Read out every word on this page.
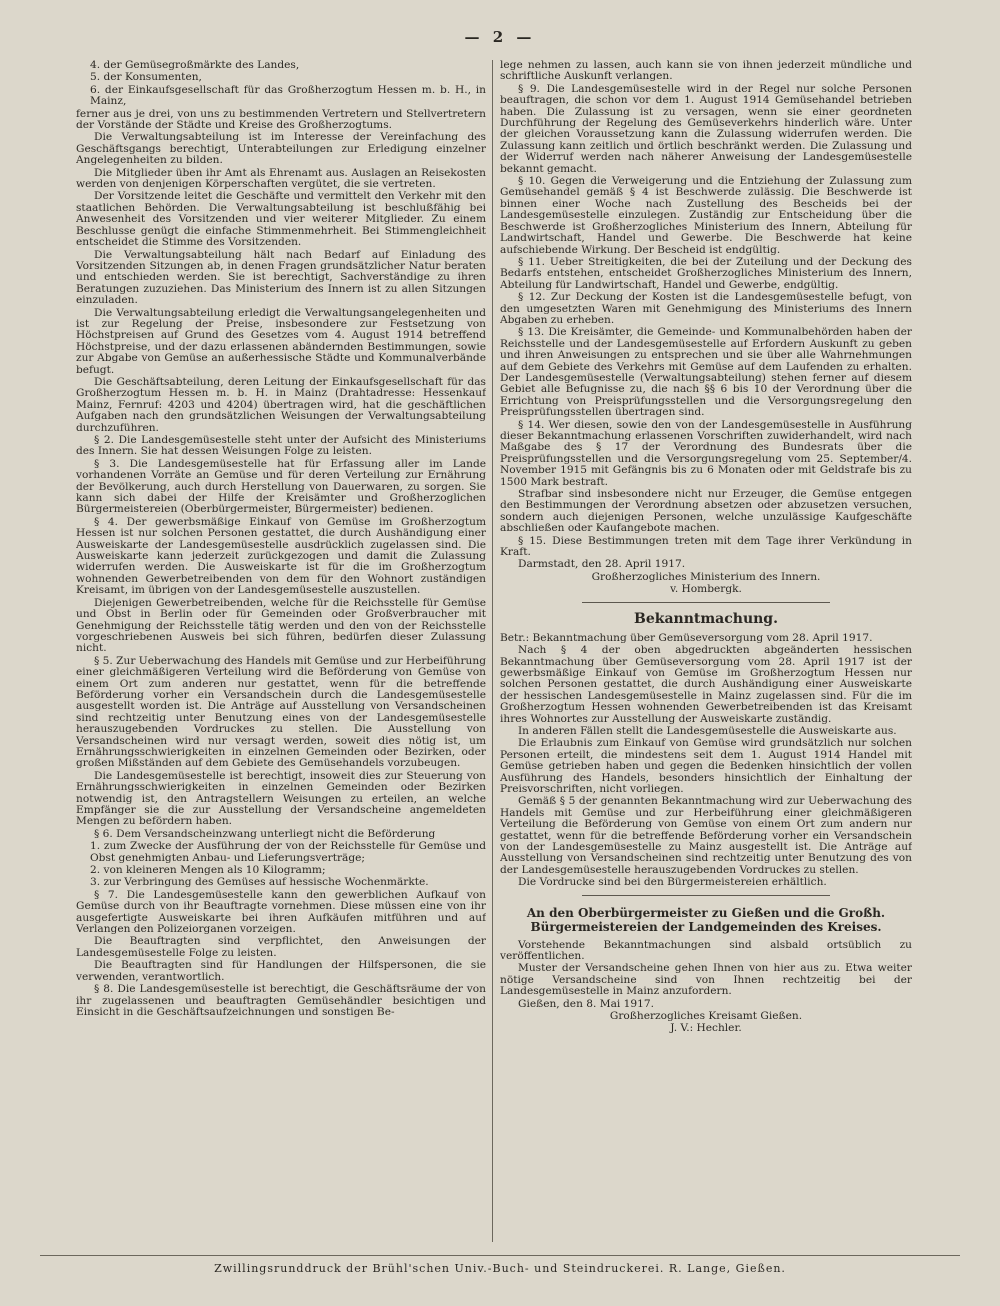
— 2 —

4. der Gemüsegroßmärkte des Landes,

5. der Konsumenten,

6. der Einkaufsgesellschaft für das Großherzogtum Hessen m. b. H., in Mainz,

ferner aus je drei, von uns zu bestimmenden Vertretern und Stellvertretern der Vorstände der Städte und Kreise des Großherzogtums.

Die Verwaltungsabteilung ist im Interesse der Vereinfachung des Geschäftsgangs berechtigt, Unterabteilungen zur Erledigung einzelner Angelegenheiten zu bilden.

Die Mitglieder üben ihr Amt als Ehrenamt aus. Auslagen an Reisekosten werden von denjenigen Körperschaften vergütet, die sie vertreten.

Der Vorsitzende leitet die Geschäfte und vermittelt den Verkehr mit den staatlichen Behörden. Die Verwaltungsabteilung ist beschlußfähig bei Anwesenheit des Vorsitzenden und vier weiterer Mitglieder. Zu einem Beschlusse genügt die einfache Stimmenmehrheit. Bei Stimmengleichheit entscheidet die Stimme des Vorsitzenden.

Die Verwaltungsabteilung hält nach Bedarf auf Einladung des Vorsitzenden Sitzungen ab, in denen Fragen grundsätzlicher Natur beraten und entschieden werden. Sie ist berechtigt, Sachverständige zu ihren Beratungen zuzuziehen. Das Ministerium des Innern ist zu allen Sitzungen einzuladen.

Die Verwaltungsabteilung erledigt die Verwaltungsangelegenheiten und ist zur Regelung der Preise, insbesondere zur Festsetzung von Höchstpreisen auf Grund des Gesetzes vom 4. August 1914 betreffend Höchstpreise, und der dazu erlassenen abändernden Bestimmungen, sowie zur Abgabe von Gemüse an außerhessische Städte und Kommunalverbände befugt.

Die Geschäftsabteilung, deren Leitung der Einkaufsgesellschaft für das Großherzogtum Hessen m. b. H. in Mainz (Drahtadresse: Hessenkauf Mainz, Fernruf: 4203 und 4204) übertragen wird, hat die geschäftlichen Aufgaben nach den grundsätzlichen Weisungen der Verwaltungsabteilung durchzuführen.

§ 2. Die Landesgemüsestelle steht unter der Aufsicht des Ministeriums des Innern. Sie hat dessen Weisungen Folge zu leisten.

§ 3. Die Landesgemüsestelle hat für Erfassung aller im Lande vorhandenen Vorräte an Gemüse und für deren Verteilung zur Ernährung der Bevölkerung, auch durch Herstellung von Dauerwaren, zu sorgen. Sie kann sich dabei der Hilfe der Kreisämter und Großherzoglichen Bürgermeistereien (Oberbürgermeister, Bürgermeister) bedienen.

§ 4. Der gewerbsmäßige Einkauf von Gemüse im Großherzogtum Hessen ist nur solchen Personen gestattet, die durch Aushändigung einer Ausweiskarte der Landesgemüsestelle ausdrücklich zugelassen sind. Die Ausweiskarte kann jederzeit zurückgezogen und damit die Zulassung widerrufen werden. Die Ausweiskarte ist für die im Großherzogtum wohnenden Gewerbetreibenden von dem für den Wohnort zuständigen Kreisamt, im übrigen von der Landesgemüsestelle auszustellen.

Diejenigen Gewerbetreibenden, welche für die Reichsstelle für Gemüse und Obst in Berlin oder für Gemeinden oder Großverbraucher mit Genehmigung der Reichsstelle tätig werden und den von der Reichsstelle vorgeschriebenen Ausweis bei sich führen, bedürfen dieser Zulassung nicht.

§ 5. Zur Ueberwachung des Handels mit Gemüse und zur Herbeiführung einer gleichmäßigeren Verteilung wird die Beförderung von Gemüse von einem Ort zum anderen nur gestattet, wenn für die betreffende Beförderung vorher ein Versandschein durch die Landesgemüsestelle ausgestellt worden ist. Die Anträge auf Ausstellung von Versandscheinen sind rechtzeitig unter Benutzung eines von der Landesgemüsestelle herauszugebenden Vordruckes zu stellen. Die Ausstellung von Versandscheinen wird nur versagt werden, soweit dies nötig ist, um Ernährungsschwierigkeiten in einzelnen Gemeinden oder Bezirken, oder großen Mißständen auf dem Gebiete des Gemüsehandels vorzubeugen.

Die Landesgemüsestelle ist berechtigt, insoweit dies zur Steuerung von Ernährungsschwierigkeiten in einzelnen Gemeinden oder Bezirken notwendig ist, den Antragstellern Weisungen zu erteilen, an welche Empfänger sie die zur Ausstellung der Versandscheine angemeldeten Mengen zu befördern haben.

§ 6. Dem Versandscheinzwang unterliegt nicht die Beförderung

1. zum Zwecke der Ausführung der von der Reichsstelle für Gemüse und Obst genehmigten Anbau- und Lieferungsverträge;

2. von kleineren Mengen als 10 Kilogramm;

3. zur Verbringung des Gemüses auf hessische Wochenmärkte.

§ 7. Die Landesgemüsestelle kann den gewerblichen Aufkauf von Gemüse durch von ihr Beauftragte vornehmen. Diese müssen eine von ihr ausgefertigte Ausweiskarte bei ihren Aufkäufen mitführen und auf Verlangen den Polizeiorganen vorzeigen.

Die Beauftragten sind verpflichtet, den Anweisungen der Landesgemüsestelle Folge zu leisten.

Die Beauftragten sind für Handlungen der Hilfspersonen, die sie verwenden, verantwortlich.

§ 8. Die Landesgemüsestelle ist berechtigt, die Geschäftsräume der von ihr zugelassenen und beauftragten Gemüsehändler besichtigen und Einsicht in die Geschäftsaufzeichnungen und sonstigen Be-

lege nehmen zu lassen, auch kann sie von ihnen jederzeit mündliche und schriftliche Auskunft verlangen.

§ 9. Die Landesgemüsestelle wird in der Regel nur solche Personen beauftragen, die schon vor dem 1. August 1914 Gemüsehandel betrieben haben. Die Zulassung ist zu versagen, wenn sie einer geordneten Durchführung der Regelung des Gemüseverkehrs hinderlich wäre. Unter der gleichen Voraussetzung kann die Zulassung widerrufen werden. Die Zulassung kann zeitlich und örtlich beschränkt werden. Die Zulassung und der Widerruf werden nach näherer Anweisung der Landesgemüsestelle bekannt gemacht.

§ 10. Gegen die Verweigerung und die Entziehung der Zulassung zum Gemüsehandel gemäß § 4 ist Beschwerde zulässig. Die Beschwerde ist binnen einer Woche nach Zustellung des Bescheids bei der Landesgemüsestelle einzulegen. Zuständig zur Entscheidung über die Beschwerde ist Großherzogliches Ministerium des Innern, Abteilung für Landwirtschaft, Handel und Gewerbe. Die Beschwerde hat keine aufschiebende Wirkung. Der Bescheid ist endgültig.

§ 11. Ueber Streitigkeiten, die bei der Zuteilung und der Deckung des Bedarfs entstehen, entscheidet Großherzogliches Ministerium des Innern, Abteilung für Landwirtschaft, Handel und Gewerbe, endgültig.

§ 12. Zur Deckung der Kosten ist die Landesgemüsestelle befugt, von den umgesetzten Waren mit Genehmigung des Ministeriums des Innern Abgaben zu erheben.

§ 13. Die Kreisämter, die Gemeinde- und Kommunalbehörden haben der Reichsstelle und der Landesgemüsestelle auf Erfordern Auskunft zu geben und ihren Anweisungen zu entsprechen und sie über alle Wahrnehmungen auf dem Gebiete des Verkehrs mit Gemüse auf dem Laufenden zu erhalten. Der Landesgemüsestelle (Verwaltungsabteilung) stehen ferner auf diesem Gebiet alle Befugnisse zu, die nach §§ 6 bis 10 der Verordnung über die Errichtung von Preisprüfungsstellen und die Versorgungsregelung den Preisprüfungsstellen übertragen sind.

§ 14. Wer diesen, sowie den von der Landesgemüsestelle in Ausführung dieser Bekanntmachung erlassenen Vorschriften zuwiderhandelt, wird nach Maßgabe des § 17 der Verordnung des Bundesrats über die Preisprüfungsstellen und die Versorgungsregelung vom 25. September/4. November 1915 mit Gefängnis bis zu 6 Monaten oder mit Geldstrafe bis zu 1500 Mark bestraft.

Strafbar sind insbesondere nicht nur Erzeuger, die Gemüse entgegen den Bestimmungen der Verordnung absetzen oder abzusetzen versuchen, sondern auch diejenigen Personen, welche unzulässige Kaufgeschäfte abschließen oder Kaufangebote machen.

§ 15. Diese Bestimmungen treten mit dem Tage ihrer Verkündung in Kraft.

Darmstadt, den 28. April 1917.

Großherzogliches Ministerium des Innern.

v. Hombergk.

Bekanntmachung.

Betr.: Bekanntmachung über Gemüseversorgung vom 28. April 1917.

Nach § 4 der oben abgedruckten abgeänderten hessischen Bekanntmachung über Gemüseversorgung vom 28. April 1917 ist der gewerbsmäßige Einkauf von Gemüse im Großherzogtum Hessen nur solchen Personen gestattet, die durch Aushändigung einer Ausweiskarte der hessischen Landesgemüsestelle in Mainz zugelassen sind. Für die im Großherzogtum Hessen wohnenden Gewerbetreibenden ist das Kreisamt ihres Wohnortes zur Ausstellung der Ausweiskarte zuständig.

In anderen Fällen stellt die Landesgemüsestelle die Ausweiskarte aus.

Die Erlaubnis zum Einkauf von Gemüse wird grundsätzlich nur solchen Personen erteilt, die mindestens seit dem 1. August 1914 Handel mit Gemüse getrieben haben und gegen die Bedenken hinsichtlich der vollen Ausführung des Handels, besonders hinsichtlich der Einhaltung der Preisvorschriften, nicht vorliegen.

Gemäß § 5 der genannten Bekanntmachung wird zur Ueberwachung des Handels mit Gemüse und zur Herbeiführung einer gleichmäßigeren Verteilung die Beförderung von Gemüse von einem Ort zum andern nur gestattet, wenn für die betreffende Beförderung vorher ein Versandschein von der Landesgemüsestelle zu Mainz ausgestellt ist. Die Anträge auf Ausstellung von Versandscheinen sind rechtzeitig unter Benutzung des von der Landesgemüsestelle herauszugebenden Vordruckes zu stellen.

Die Vordrucke sind bei den Bürgermeistereien erhältlich.

An den Oberbürgermeister zu Gießen und die Großh. Bürgermeistereien der Landgemeinden des Kreises.

Vorstehende Bekanntmachungen sind alsbald ortsüblich zu veröffentlichen.

Muster der Versandscheine gehen Ihnen von hier aus zu. Etwa weiter nötige Versandscheine sind von Ihnen rechtzeitig bei der Landesgemüsestelle in Mainz anzufordern.

Gießen, den 8. Mai 1917.

Großherzogliches Kreisamt Gießen.

J. V.: Hechler.

Zwillingsrunddruck der Brühl'schen Univ.-Buch- und Steindruckerei. R. Lange, Gießen.
